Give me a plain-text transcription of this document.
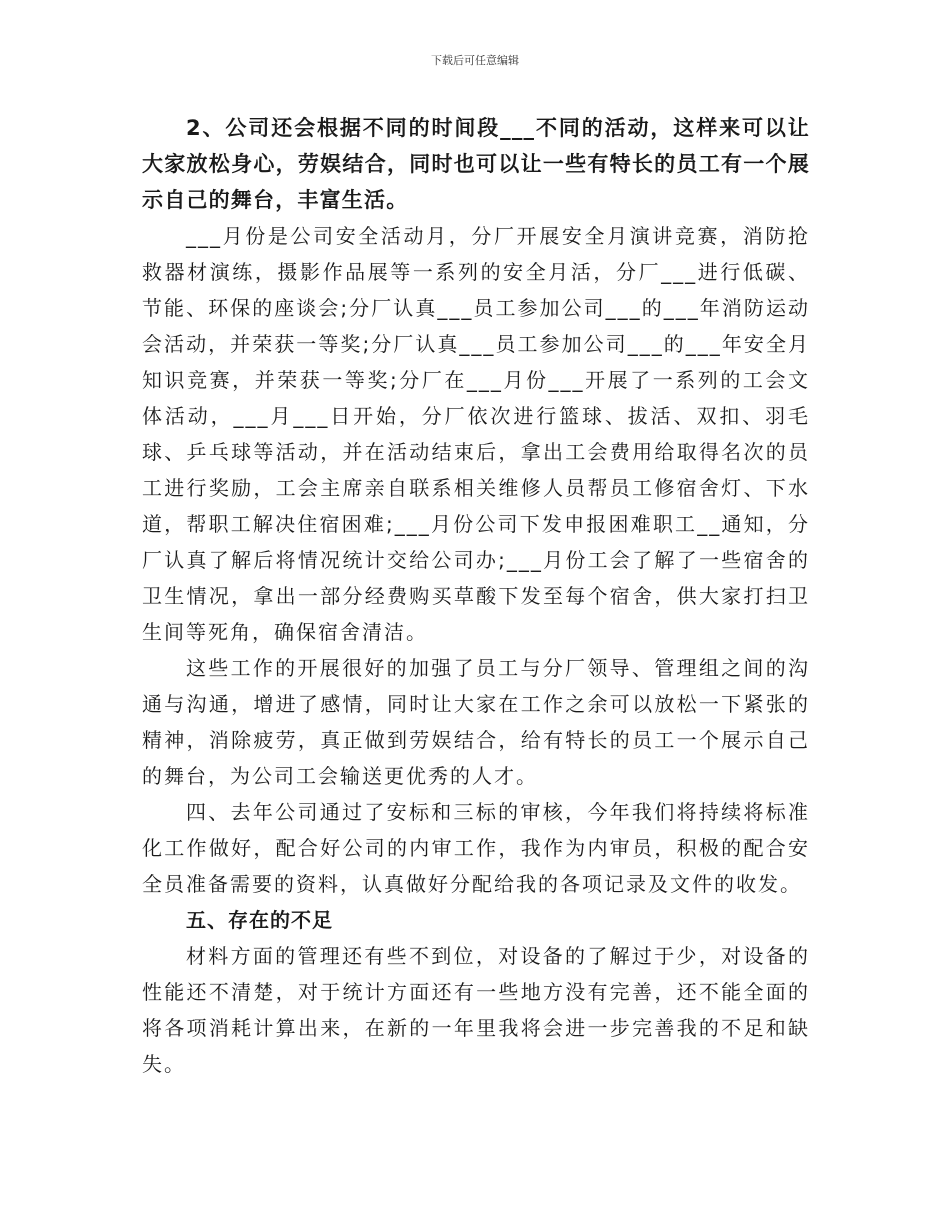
下载后可任意编辑

2、公司还会根据不同的时间段___不同的活动，这样来可以让大家放松身心，劳娱结合，同时也可以让一些有特长的员工有一个展示自己的舞台，丰富生活。

___月份是公司安全活动月，分厂开展安全月演讲竞赛，消防抢救器材演练，摄影作品展等一系列的安全月活，分厂___进行低碳、节能、环保的座谈会;分厂认真___员工参加公司___的___年消防运动会活动，并荣获一等奖;分厂认真___员工参加公司___的___年安全月知识竞赛，并荣获一等奖;分厂在___月份___开展了一系列的工会文体活动，___月___日开始，分厂依次进行篮球、拔活、双扣、羽毛球、乒乓球等活动，并在活动结束后，拿出工会费用给取得名次的员工进行奖励，工会主席亲自联系相关维修人员帮员工修宿舍灯、下水道，帮职工解决住宿困难;___月份公司下发申报困难职工__通知，分厂认真了解后将情况统计交给公司办;___月份工会了解了一些宿舍的卫生情况，拿出一部分经费购买草酸下发至每个宿舍，供大家打扫卫生间等死角，确保宿舍清洁。

这些工作的开展很好的加强了员工与分厂领导、管理组之间的沟通与沟通，增进了感情，同时让大家在工作之余可以放松一下紧张的精神，消除疲劳，真正做到劳娱结合，给有特长的员工一个展示自己的舞台，为公司工会输送更优秀的人才。

四、去年公司通过了安标和三标的审核，今年我们将持续将标准化工作做好，配合好公司的内审工作，我作为内审员，积极的配合安全员准备需要的资料，认真做好分配给我的各项记录及文件的收发。

五、存在的不足

材料方面的管理还有些不到位，对设备的了解过于少，对设备的性能还不清楚，对于统计方面还有一些地方没有完善，还不能全面的将各项消耗计算出来，在新的一年里我将会进一步完善我的不足和缺失。
